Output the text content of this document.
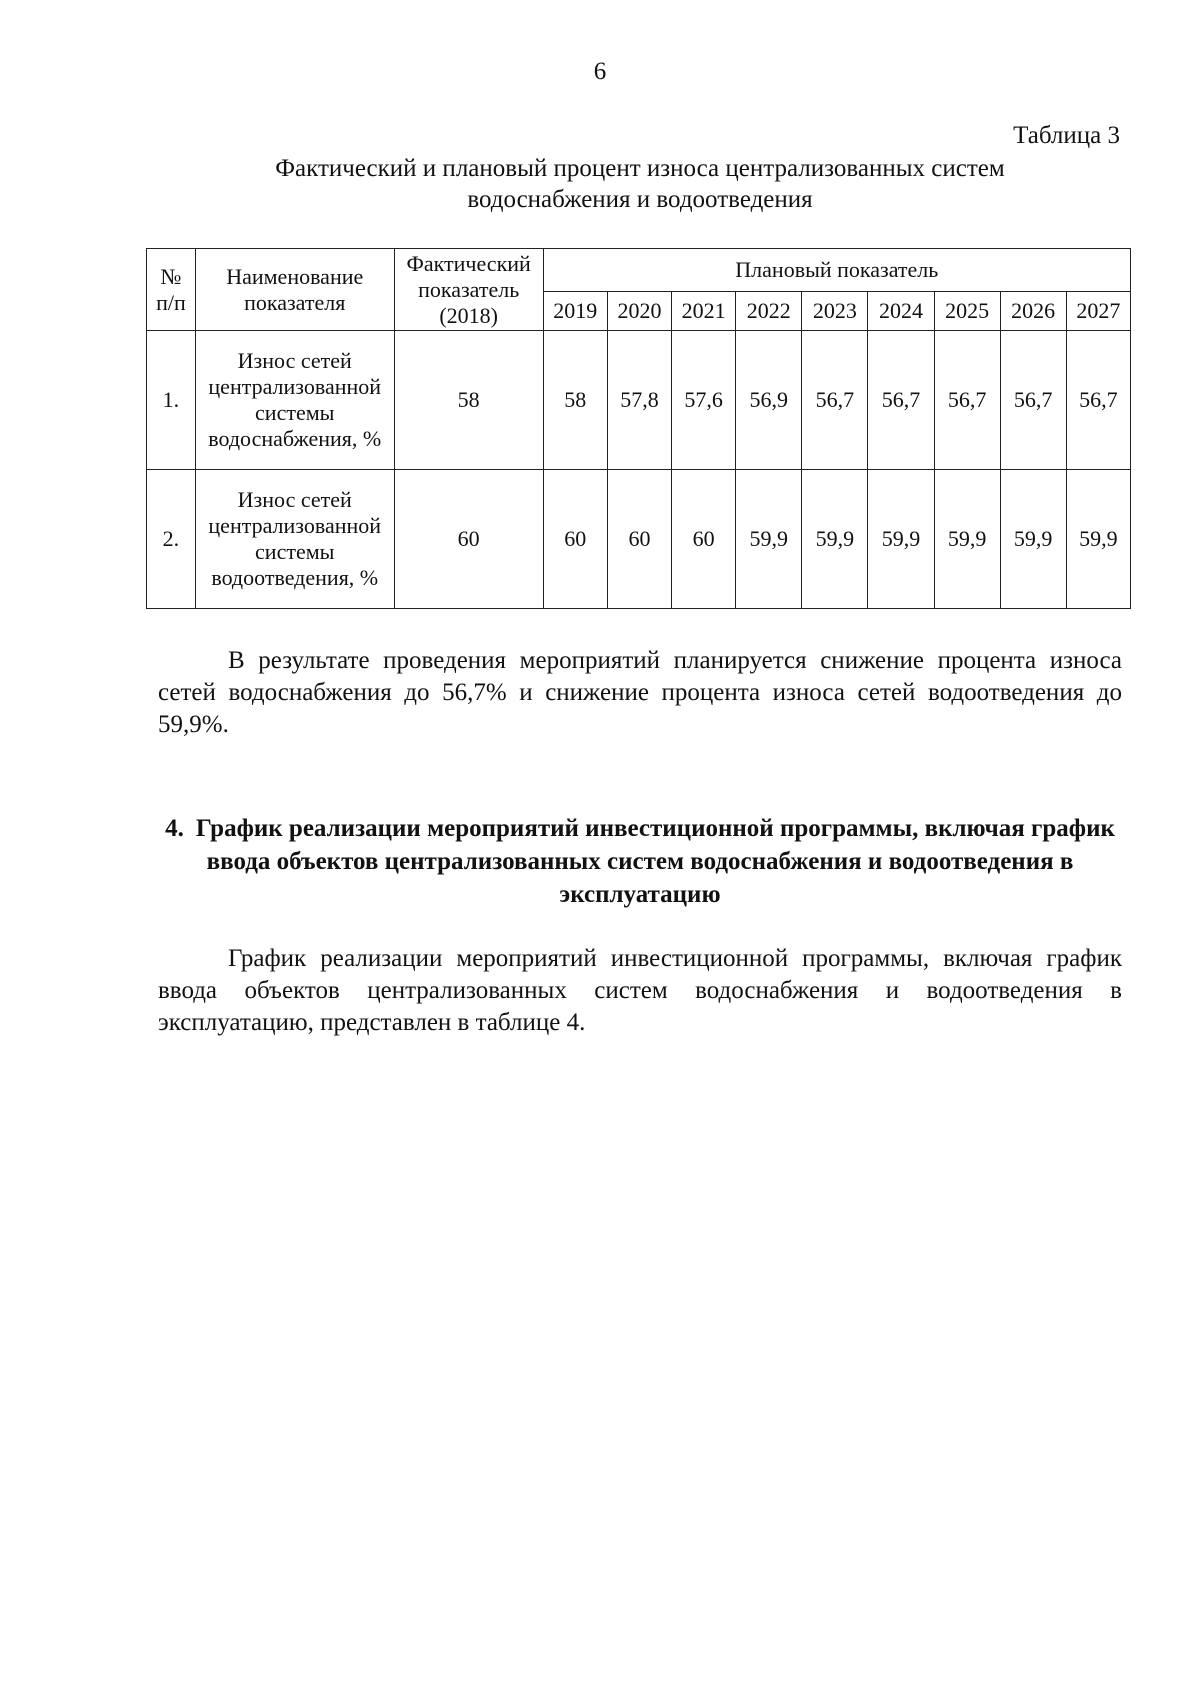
6
Таблица 3
Фактический и плановый процент износа централизованных систем
водоснабжения и водоотведения
№ п/п	Наименование показателя	Фактический показатель (2018)	Плановый показатель								
			2019	2020	2021	2022	2023	2024	2025	2026	2027
1.	Износ сетей централизованной системы водоснабжения, %	58	58	57,8	57,6	56,9	56,7	56,7	56,7	56,7	56,7
2.	Износ сетей централизованной системы водоотведения, %	60	60	60	60	59,9	59,9	59,9	59,9	59,9	59,9
В результате проведения мероприятий планируется снижение процента износа сетей водоснабжения до 56,7% и снижение процента износа сетей водоотведения до 59,9%.
4. График реализации мероприятий инвестиционной программы, включая график ввода объектов централизованных систем водоснабжения и водоотведения в эксплуатацию
График реализации мероприятий инвестиционной программы, включая график ввода объектов централизованных систем водоснабжения и водоотведения в эксплуатацию, представлен в таблице 4.
